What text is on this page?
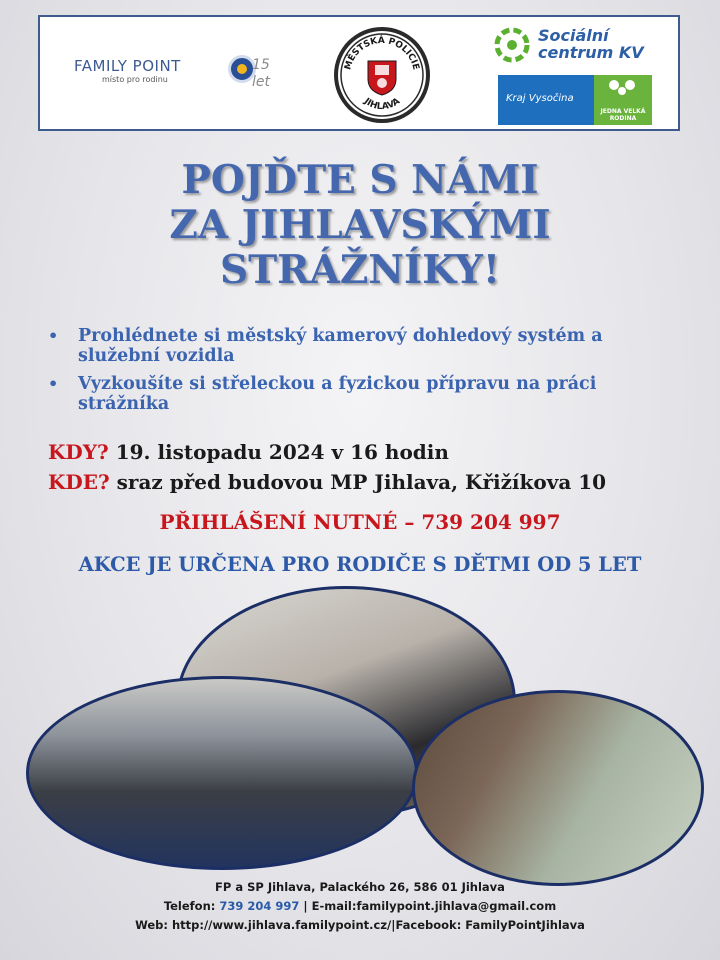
FAMILY POINT
místo pro rodinu
15
let
MĚSTSKÁ POLICIE
JIHLAVA
Sociální
centrum KV
Kraj Vysočina
JEDNA VELKÁ
RODINA
POJĎTE S NÁMI
ZA JIHLAVSKÝMI
STRÁŽNÍKY!
• Prohlédnete si městský kamerový dohledový systém a
služební vozidla
• Vyzkoušíte si střeleckou a fyzickou přípravu na práci
strážníka
KDY? 19. listopadu 2024 v 16 hodin
KDE? sraz před budovou MP Jihlava, Křižíkova 10
PŘIHLÁŠENÍ NUTNÉ – 739 204 997
AKCE JE URČENA PRO RODIČE S DĚTMI OD 5 LET
FP a SP Jihlava, Palackého 26, 586 01 Jihlava
Telefon: 739 204 997 | E-mail:familypoint.jihlava@gmail.com
Web: http://www.jihlava.familypoint.cz/|Facebook: FamilyPointJihlava
